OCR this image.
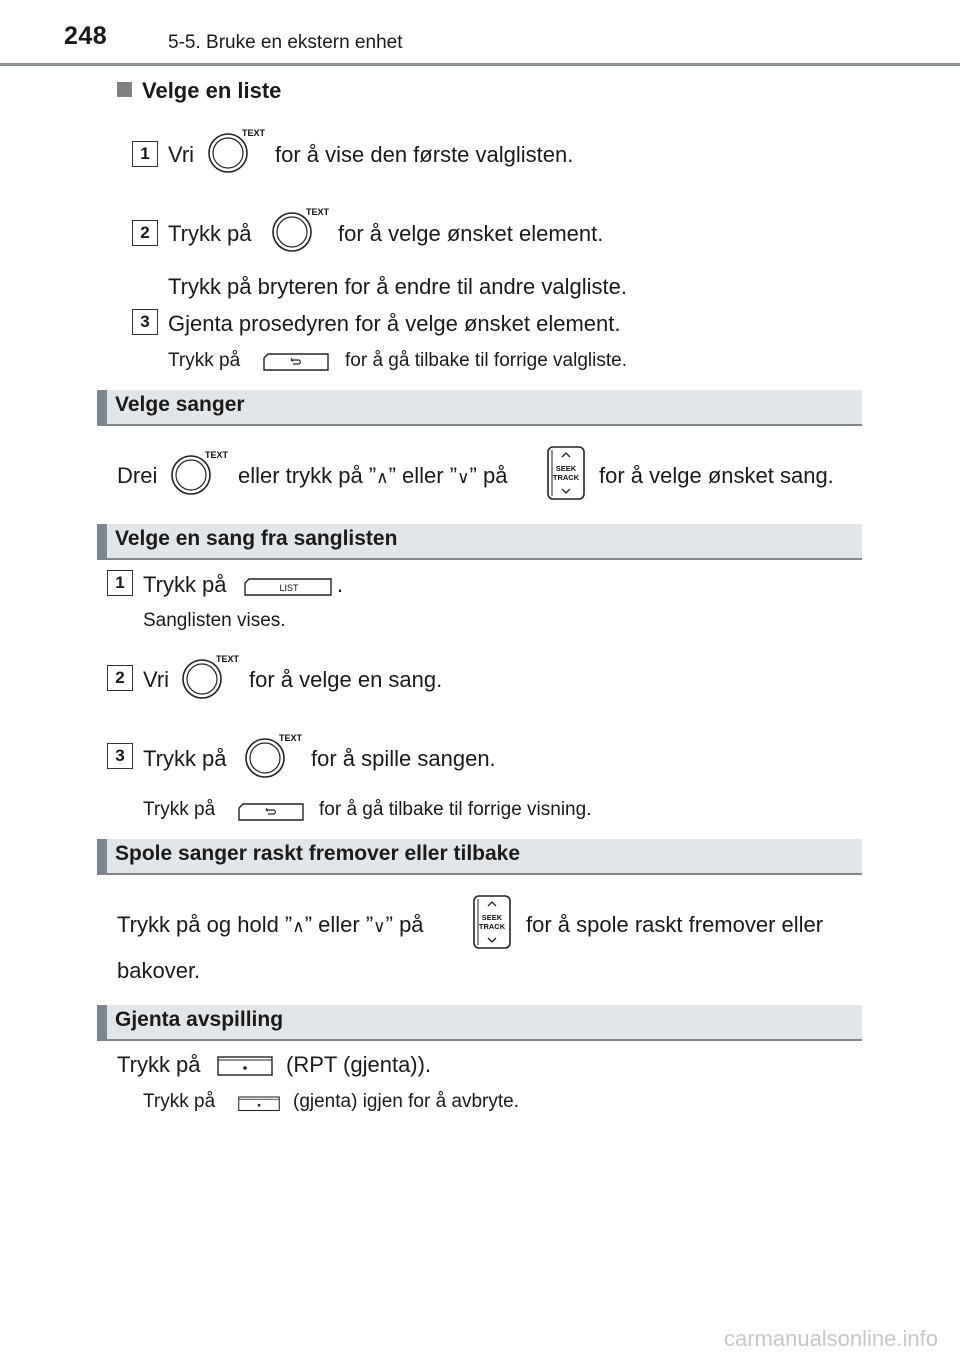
248	5-5. Bruke en ekstern enhet
Velge en liste
1 Vri	for å vise den første valglisten.
2 Trykk på	for å velge ønsket element.
Trykk på bryteren for å endre til andre valgliste.
3 Gjenta prosedyren for å velge ønsket element.
Trykk på	for å gå tilbake til forrige valgliste.
Velge sanger
Drei	eller trykk på ”∧” eller ”∨” på	SEEK
TRACK for å velge ønsket sang.
Velge en sang fra sanglisten
1 Trykk på	LIST .
Sanglisten vises.
2 Vri	for å velge en sang.
3 Trykk på	for å spille sangen.
Trykk på	for å gå tilbake til forrige visning.
Spole sanger raskt fremover eller tilbake
Trykk på og hold ”∧” eller ”∨” på	SEEK
TRACK for å spole raskt fremover eller
bakover.
Gjenta avspilling
Trykk på	(RPT (gjenta)).
Trykk på	(gjenta) igjen for å avbryte.
carmanualsonline.info
